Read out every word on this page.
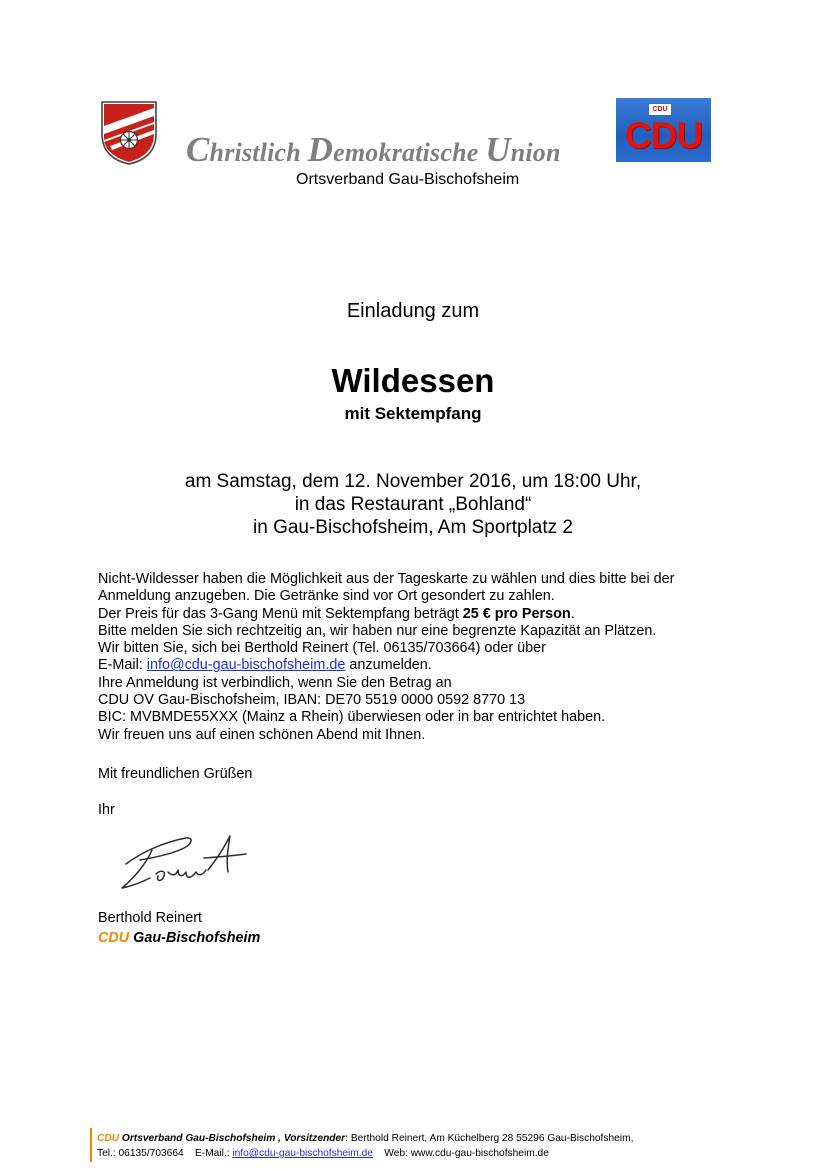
Christlich Demokratische Union
Ortsverband Gau-Bischofsheim
CDU
CDU
Einladung zum
Wildessen
mit Sektempfang
am Samstag, dem 12. November 2016, um 18:00 Uhr,
in das Restaurant „Bohland“
in Gau-Bischofsheim, Am Sportplatz 2

Nicht-Wildesser haben die Möglichkeit aus der Tageskarte zu wählen und dies bitte bei der Anmeldung anzugeben. Die Getränke sind vor Ort gesondert zu zahlen.

Der Preis für das 3-Gang Menü mit Sektempfang beträgt 25 € pro Person.

Bitte melden Sie sich rechtzeitig an, wir haben nur eine begrenzte Kapazität an Plätzen.

Wir bitten Sie, sich bei Berthold Reinert (Tel. 06135/703664) oder über

E-Mail: info@cdu-gau-bischofsheim.de anzumelden.

Ihre Anmeldung ist verbindlich, wenn Sie den Betrag an

CDU OV Gau-Bischofsheim, IBAN: DE70 5519 0000 0592 8770 13

BIC: MVBMDE55XXX (Mainz a Rhein) überwiesen oder in bar entrichtet haben.

Wir freuen uns auf einen schönen Abend mit Ihnen.

Mit freundlichen Grüßen
Ihr
Berthold Reinert
CDU Gau-Bischofsheim
CDU Ortsverband Gau-Bischofsheim , Vorsitzender: Berthold Reinert, Am Küchelberg 28 55296 Gau-Bischofsheim,
Tel.: 06135/703664 E-Mail.: info@cdu-gau-bischofsheim.de Web: www.cdu-gau-bischofsheim.de
